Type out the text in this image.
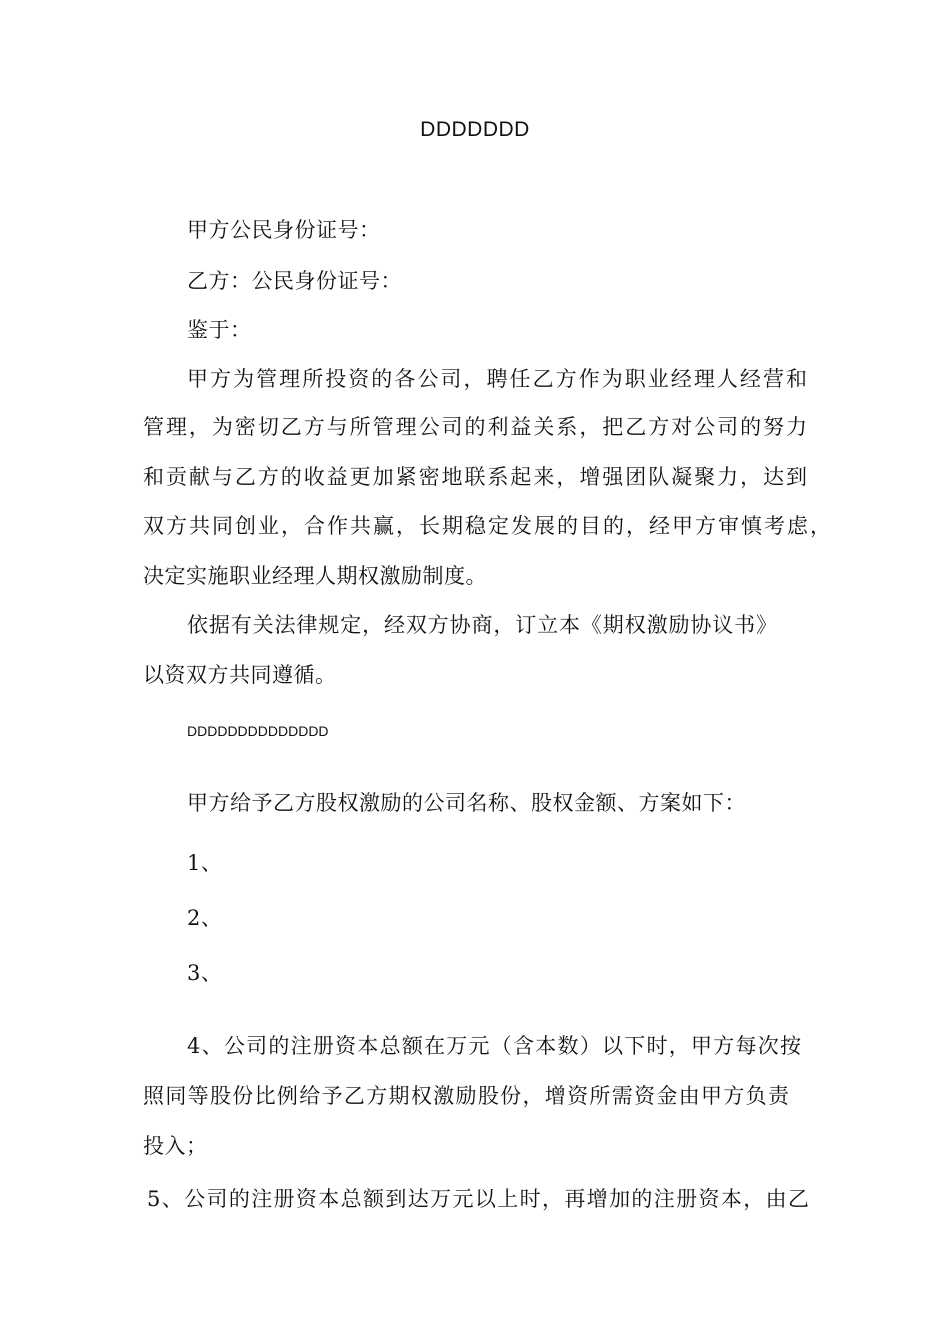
DDDDDDD
甲方公民身份证号：
乙方：公民身份证号：
鉴于：
甲方为管理所投资的各公司，聘任乙方作为职业经理人经营和
管理，为密切乙方与所管理公司的利益关系，把乙方对公司的努力
和贡献与乙方的收益更加紧密地联系起来，增强团队凝聚力，达到
双方共同创业，合作共赢，长期稳定发展的目的，经甲方审慎考虑，
决定实施职业经理人期权激励制度。
依据有关法律规定，经双方协商，订立本《期权激励协议书》
以资双方共同遵循。
DDDDDDDDDDDDDD
甲方给予乙方股权激励的公司名称、股权金额、方案如下：
1、
2、
3、
4、公司的注册资本总额在万元（含本数）以下时，甲方每次按
照同等股份比例给予乙方期权激励股份，增资所需资金由甲方负责
投入；
5、公司的注册资本总额到达万元以上时，再增加的注册资本，由乙
